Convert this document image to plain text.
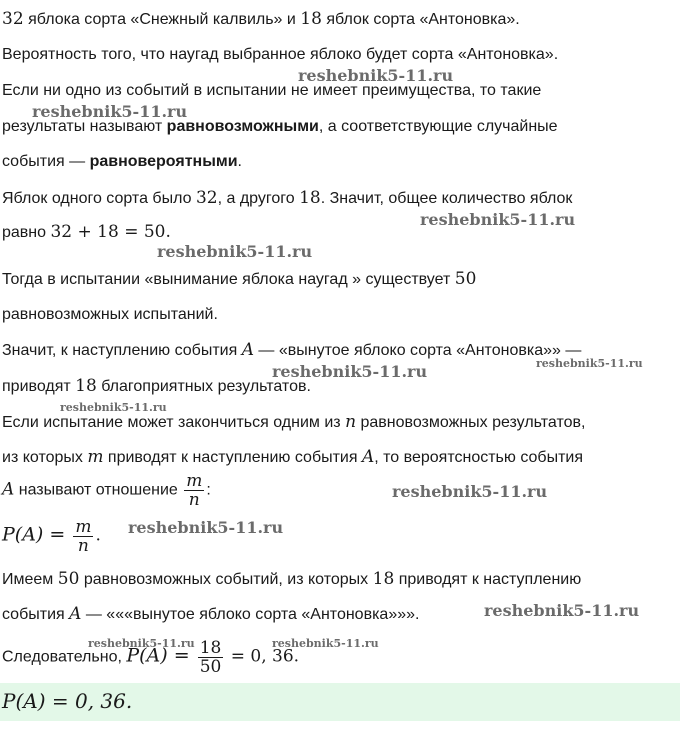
32 яблока сорта «Снежный калвиль» и 18 яблок сорта «Антоновка».
Вероятность того, что наугад выбранное яблоко будет сорта «Антоновка».
Если ни одно из событий в испытании не имеет преимущества, то такие
результаты называют равновозможными, а соответствующие случайные
события — равновероятными.
Яблок одного сорта было 32, а другого 18. Значит, общее количество яблок
равно 32 + 18 = 50.
Тогда в испытании «вынимание яблока наугад » существует 50
равновозможных испытаний.
Значит, к наступлению события A — «вынутое яблоко сорта «Антоновка»» —
приводят 18 благоприятных результатов.
Если испытание может закончиться одним из n равновозможных результатов,
из которых m приводят к наступлению события A, то вероятсностью события
A называют отношение $\frac{m}{n}$ :
$P(A) = \frac{m}{n}$ .
Имеем 50 равновозможных событий, из которых 18 приводят к наступлению
события A — «««вынутое яблоко сорта «Антоновка»»».
Следовательно, $P(A) = \frac{18}{50} = 0$, 36.
P(A) = 0, 36.
reshebnik5-11.ru
reshebnik5-11.ru
reshebnik5-11.ru
reshebnik5-11.ru
reshebnik5-11.ru	reshebnik5-11.ru
reshebnik5-11.ru
reshebnik5-11.ru
reshebnik5-11.ru
reshebnik5-11.ru
reshebnik5-11.ru	reshebnik5-11.ru
